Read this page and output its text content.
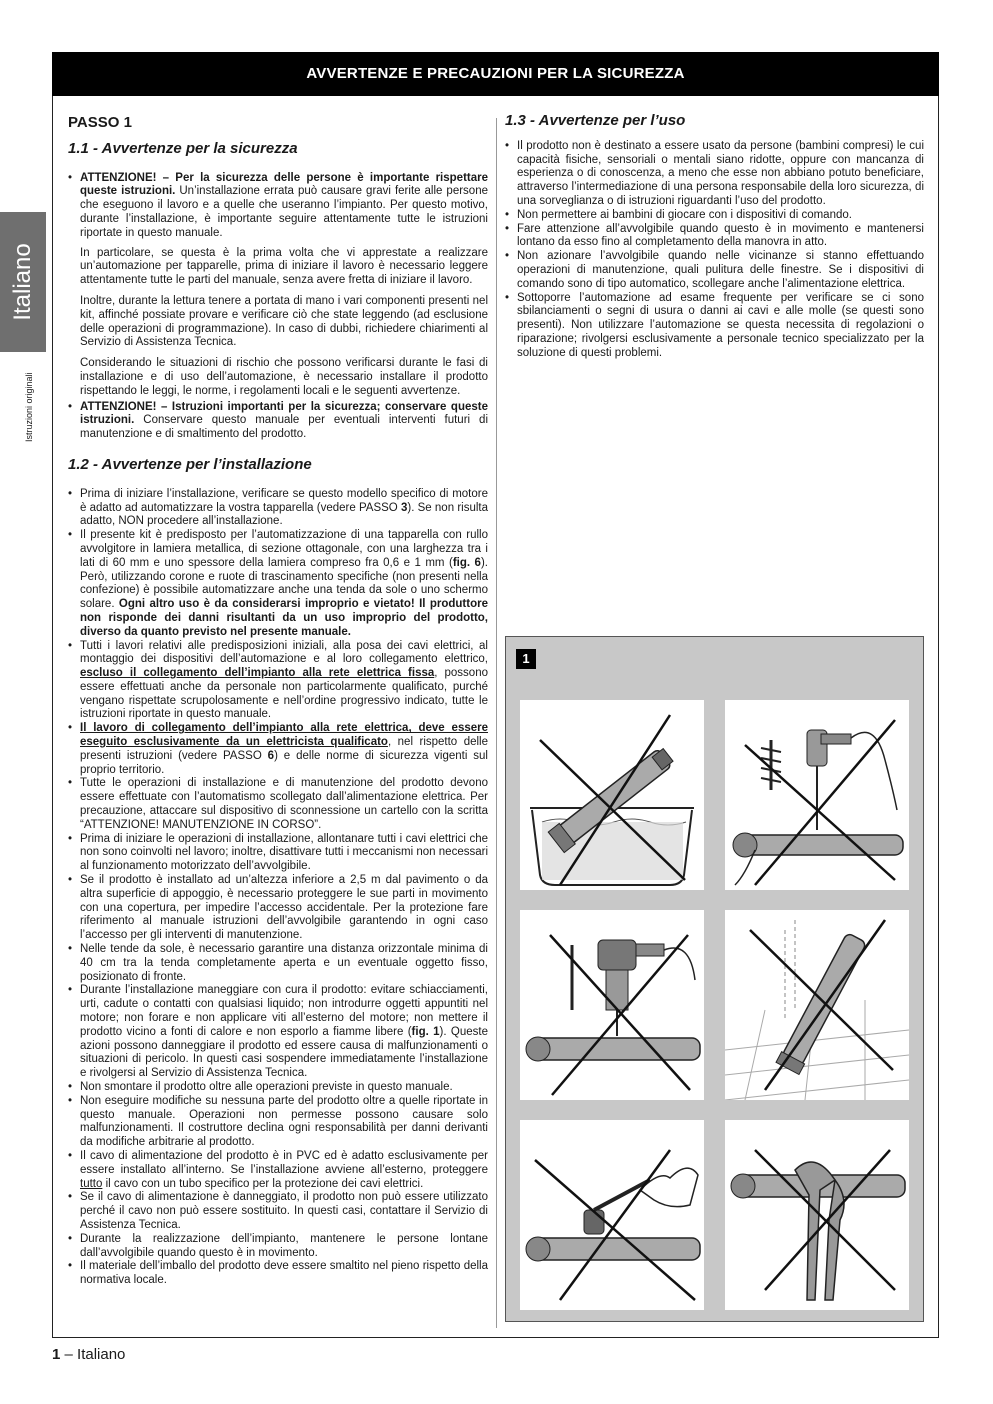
AVVERTENZE E PRECAUZIONI PER LA SICUREZZA
Italiano
Istruzioni originali
PASSO 1
1.1 - Avvertenze per la sicurezza

• ATTENZIONE! – Per la sicurezza delle persone è importante rispettare queste istruzioni. Un’installazione errata può causare gravi ferite alle persone che eseguono il lavoro e a quelle che useranno l’impianto. Per questo motivo, durante l’installazione, è importante seguire attentamente tutte le istruzioni riportate in questo manuale.

In particolare, se questa è la prima volta che vi apprestate a realizzare un’automazione per tapparelle, prima di iniziare il lavoro è necessario leggere attentamente tutte le parti del manuale, senza avere fretta di iniziare il lavoro.

Inoltre, durante la lettura tenere a portata di mano i vari componenti presenti nel kit, affinché possiate provare e verificare ciò che state leggendo (ad esclusione delle operazioni di programmazione). In caso di dubbi, richiedere chiarimenti al Servizio di Assistenza Tecnica.

Considerando le situazioni di rischio che possono verificarsi durante le fasi di installazione e di uso dell’automazione, è necessario installare il prodotto rispettando le leggi, le norme, i regolamenti locali e le seguenti avvertenze.

• ATTENZIONE! – Istruzioni importanti per la sicurezza; conservare queste istruzioni. Conservare questo manuale per eventuali interventi futuri di manutenzione e di smaltimento del prodotto.

1.2 - Avvertenze per l’installazione

• Prima di iniziare l’installazione, verificare se questo modello specifico di motore è adatto ad automatizzare la vostra tapparella (vedere PASSO 3). Se non risulta adatto, NON procedere all’installazione.

• Il presente kit è predisposto per l’automatizzazione di una tapparella con rullo avvolgitore in lamiera metallica, di sezione ottagonale, con una larghezza tra i lati di 60 mm e uno spessore della lamiera compreso fra 0,6 e 1 mm (fig. 6). Però, utilizzando corone e ruote di trascinamento specifiche (non presenti nella confezione) è possibile automatizzare anche una tenda da sole o uno schermo solare. Ogni altro uso è da considerarsi improprio e vietato! Il produttore non risponde dei danni risultanti da un uso improprio del prodotto, diverso da quanto previsto nel presente manuale.

• Tutti i lavori relativi alle predisposizioni iniziali, alla posa dei cavi elettrici, al montaggio dei dispositivi dell’automazione e al loro collegamento elettrico, escluso il collegamento dell’impianto alla rete elettrica fissa, possono essere effettuati anche da personale non particolarmente qualificato, purché vengano rispettate scrupolosamente e nell’ordine progressivo indicato, tutte le istruzioni riportate in questo manuale.

• Il lavoro di collegamento dell’impianto alla rete elettrica, deve essere eseguito esclusivamente da un elettricista qualificato, nel rispetto delle presenti istruzioni (vedere PASSO 6) e delle norme di sicurezza vigenti sul proprio territorio.

• Tutte le operazioni di installazione e di manutenzione del prodotto devono essere effettuate con l’automatismo scollegato dall’alimentazione elettrica. Per precauzione, attaccare sul dispositivo di sconnessione un cartello con la scritta “ATTENZIONE! MANUTENZIONE IN CORSO”.

• Prima di iniziare le operazioni di installazione, allontanare tutti i cavi elettrici che non sono coinvolti nel lavoro; inoltre, disattivare tutti i meccanismi non necessari al funzionamento motorizzato dell’avvolgibile.

• Se il prodotto è installato ad un’altezza inferiore a 2,5 m dal pavimento o da altra superficie di appoggio, è necessario proteggere le sue parti in movimento con una copertura, per impedire l’accesso accidentale. Per la protezione fare riferimento al manuale istruzioni dell’avvolgibile garantendo in ogni caso l’accesso per gli interventi di manutenzione.

• Nelle tende da sole, è necessario garantire una distanza orizzontale minima di 40 cm tra la tenda completamente aperta e un eventuale oggetto fisso, posizionato di fronte.

• Durante l’installazione maneggiare con cura il prodotto: evitare schiacciamenti, urti, cadute o contatti con qualsiasi liquido; non introdurre oggetti appuntiti nel motore; non forare e non applicare viti all’esterno del motore; non mettere il prodotto vicino a fonti di calore e non esporlo a fiamme libere (fig. 1). Queste azioni possono danneggiare il prodotto ed essere causa di malfunzionamenti o situazioni di pericolo. In questi casi sospendere immediatamente l’installazione e rivolgersi al Servizio di Assistenza Tecnica.

• Non smontare il prodotto oltre alle operazioni previste in questo manuale.

• Non eseguire modifiche su nessuna parte del prodotto oltre a quelle riportate in questo manuale. Operazioni non permesse possono causare solo malfunzionamenti. Il costruttore declina ogni responsabilità per danni derivanti da modifiche arbitrarie al prodotto.

• Il cavo di alimentazione del prodotto è in PVC ed è adatto esclusivamente per essere installato all’interno. Se l’installazione avviene all’esterno, proteggere tutto il cavo con un tubo specifico per la protezione dei cavi elettrici.

• Se il cavo di alimentazione è danneggiato, il prodotto non può essere utilizzato perché il cavo non può essere sostituito. In questi casi, contattare il Servizio di Assistenza Tecnica.

• Durante la realizzazione dell’impianto, mantenere le persone lontane dall’avvolgibile quando questo è in movimento.

• Il materiale dell’imballo del prodotto deve essere smaltito nel pieno rispetto della normativa locale.

1.3 - Avvertenze per l’uso

• Il prodotto non è destinato a essere usato da persone (bambini compresi) le cui capacità fisiche, sensoriali o mentali siano ridotte, oppure con mancanza di esperienza o di conoscenza, a meno che esse non abbiano potuto beneficiare, attraverso l’intermediazione di una persona responsabile della loro sicurezza, di una sorveglianza o di istruzioni riguardanti l’uso del prodotto.

• Non permettere ai bambini di giocare con i dispositivi di comando.

• Fare attenzione all’avvolgibile quando questo è in movimento e mantenersi lontano da esso fino al completamento della manovra in atto.

• Non azionare l’avvolgibile quando nelle vicinanze si stanno effettuando operazioni di manutenzione, quali pulitura delle finestre. Se i dispositivi di comando sono di tipo automatico, scollegare anche l’alimentazione elettrica.

• Sottoporre l’automazione ad esame frequente per verificare se ci sono sbilanciamenti o segni di usura o danni ai cavi e alle molle (se questi sono presenti). Non utilizzare l’automazione se questa necessita di regolazioni o riparazione; rivolgersi esclusivamente a personale tecnico specializzato per la soluzione di questi problemi.

1
1 – Italiano
